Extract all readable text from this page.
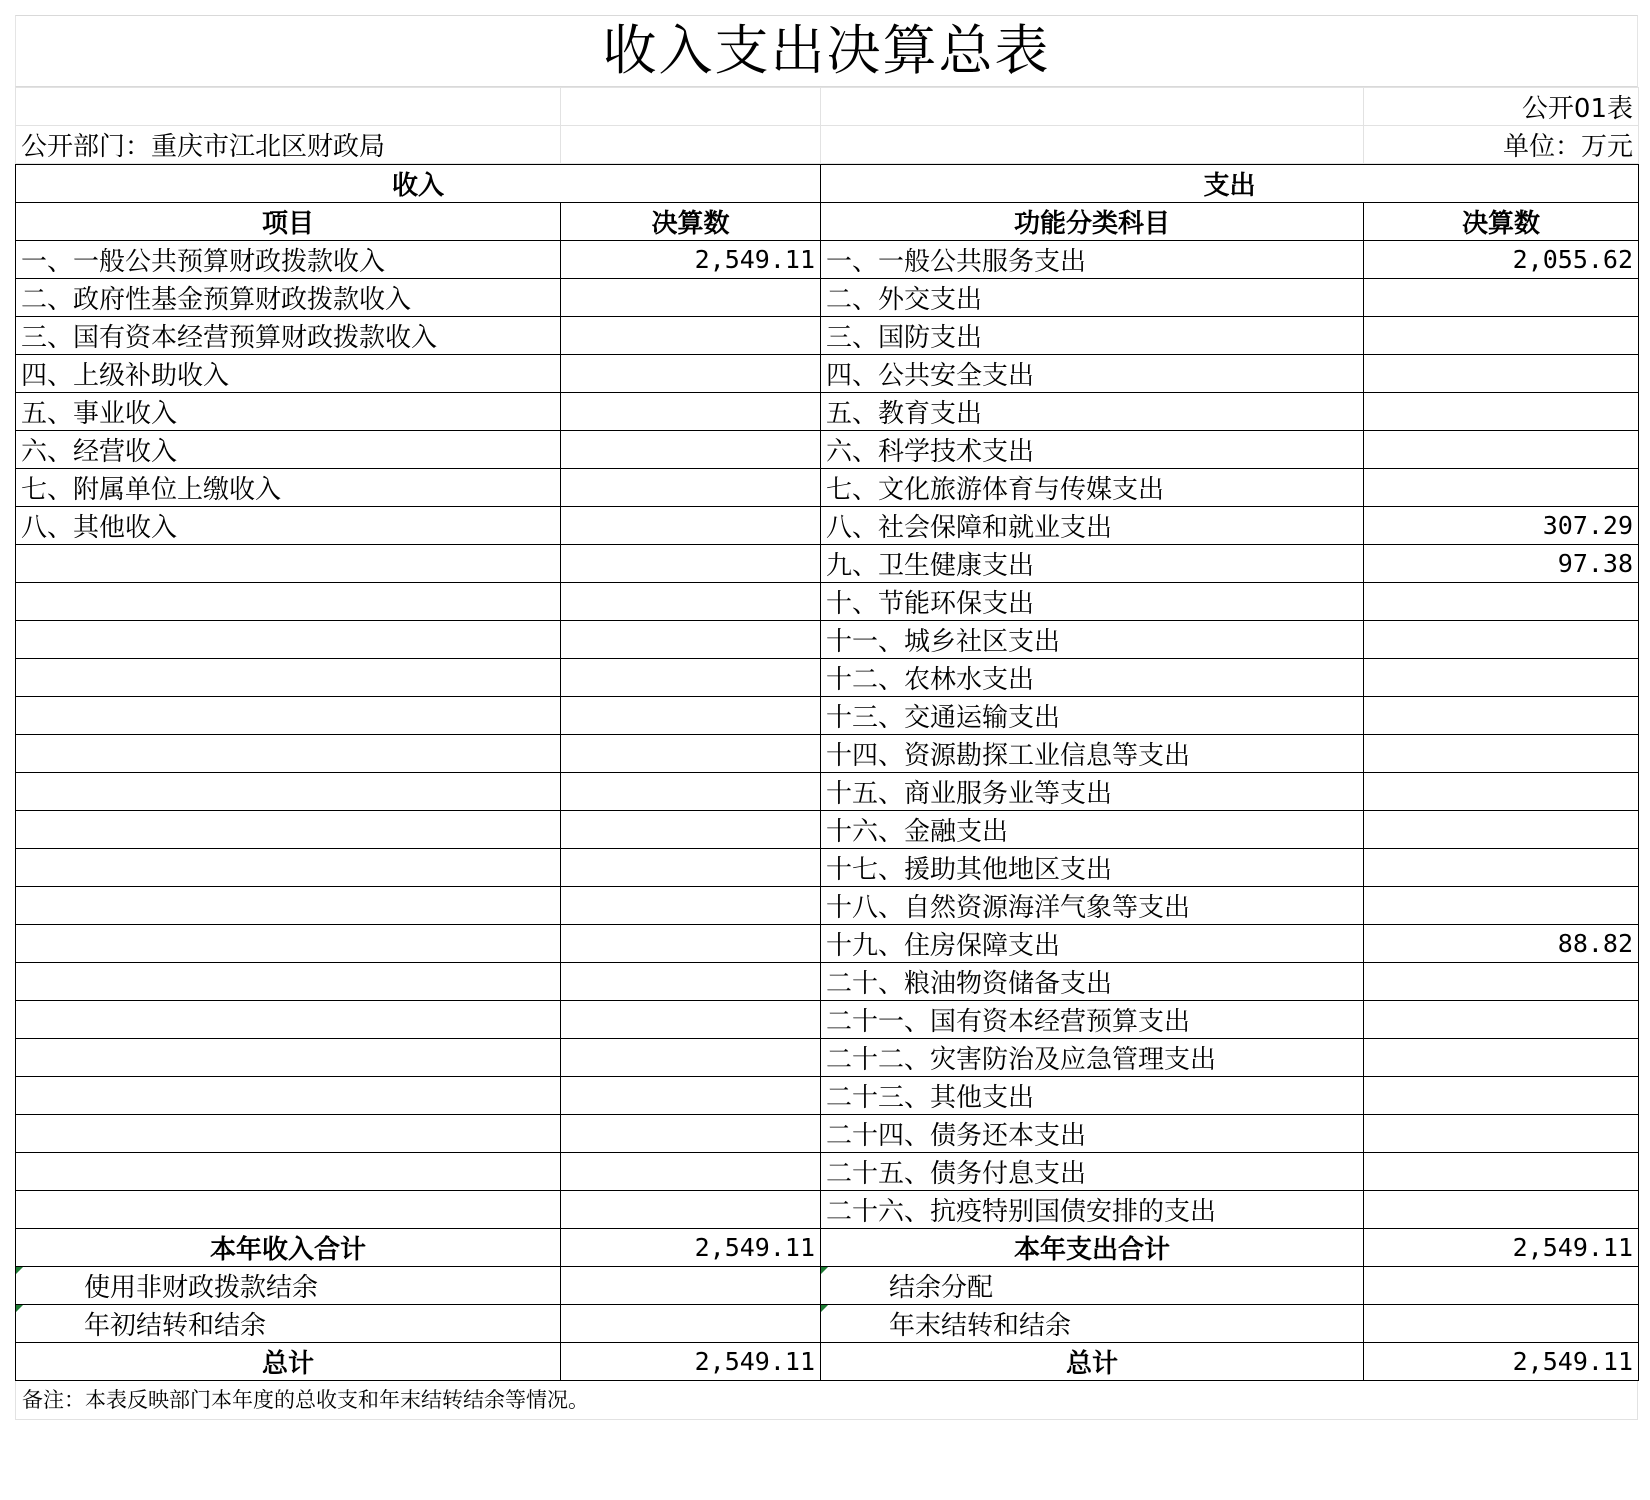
收入支出决算总表
			公开01表
公开部门：重庆市江北区财政局			单位：万元
收入		支出	
项目	决算数	功能分类科目	决算数
一、一般公共预算财政拨款收入	2,549.11	一、一般公共服务支出	2,055.62
二、政府性基金预算财政拨款收入		二、外交支出	
三、国有资本经营预算财政拨款收入		三、国防支出	
四、上级补助收入		四、公共安全支出	
五、事业收入		五、教育支出	
六、经营收入		六、科学技术支出	
七、附属单位上缴收入		七、文化旅游体育与传媒支出	
八、其他收入		八、社会保障和就业支出	307.29
		九、卫生健康支出	97.38
		十、节能环保支出	
		十一、城乡社区支出	
		十二、农林水支出	
		十三、交通运输支出	
		十四、资源勘探工业信息等支出	
		十五、商业服务业等支出	
		十六、金融支出	
		十七、援助其他地区支出	
		十八、自然资源海洋气象等支出	
		十九、住房保障支出	88.82
		二十、粮油物资储备支出	
		二十一、国有资本经营预算支出	
		二十二、灾害防治及应急管理支出	
		二十三、其他支出	
		二十四、债务还本支出	
		二十五、债务付息支出	
		二十六、抗疫特别国债安排的支出	
本年收入合计	2,549.11	本年支出合计	2,549.11

使用非财政拨款结余		结余分配	

年初结转和结余		年末结转和结余	
总计	2,549.11	总计	2,549.11
备注：本表反映部门本年度的总收支和年末结转结余等情况。
